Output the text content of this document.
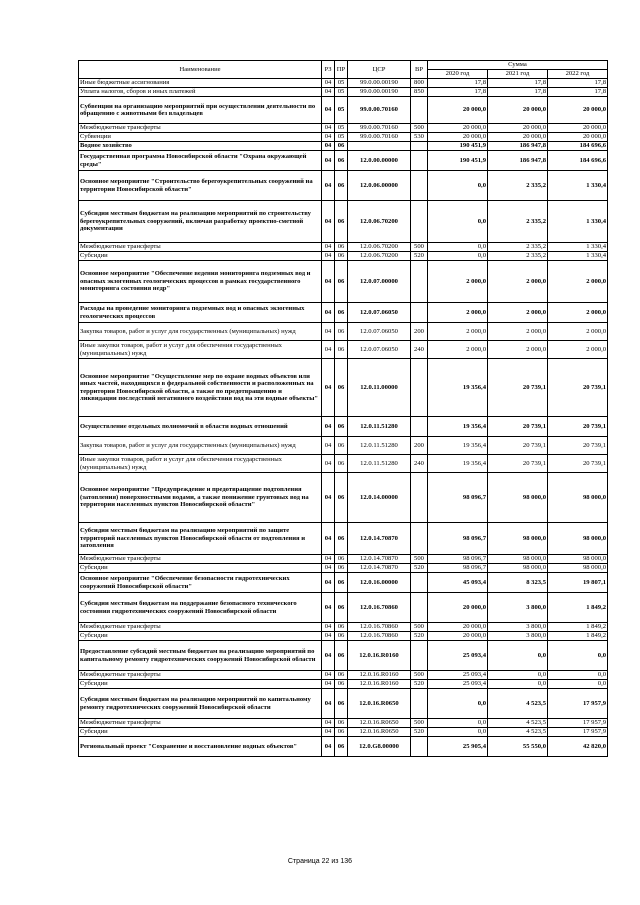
Наименование	РЗ	ПР	ЦСР	ВР	Сумма		
					2020 год	2021 год	2022 год
Иные бюджетные ассигнования	04	05	99.0.00.00190	800	17,8	17,8	17,8
Уплата налогов, сборов и иных платежей	04	05	99.0.00.00190	850	17,8	17,8	17,8
Субвенции на организацию мероприятий при осуществлении деятельности по обращению с животными без владельцев	04	05	99.0.00.70160		20 000,0	20 000,0	20 000,0
Межбюджетные трансферты	04	05	99.0.00.70160	500	20 000,0	20 000,0	20 000,0
Субвенции	04	05	99.0.00.70160	530	20 000,0	20 000,0	20 000,0
Водное хозяйство	04	06			190 451,9	186 947,8	184 696,6
Государственная программа Новосибирской области "Охрана окружающей среды"	04	06	12.0.00.00000		190 451,9	186 947,8	184 696,6
Основное мероприятие "Строительство берегоукрепительных сооружений на территории Новосибирской области"	04	06	12.0.06.00000		0,0	2 335,2	1 330,4
Субсидии местным бюджетам на реализацию мероприятий по строительству берегоукрепительных сооружений, включая разработку проектно-сметной документации	04	06	12.0.06.70200		0,0	2 335,2	1 330,4
Межбюджетные трансферты	04	06	12.0.06.70200	500	0,0	2 335,2	1 330,4
Субсидии	04	06	12.0.06.70200	520	0,0	2 335,2	1 330,4
Основное мероприятие "Обеспечение ведения мониторинга подземных вод и опасных экзогенных геологических процессов в рамках государственного мониторинга состояния недр"	04	06	12.0.07.00000		2 000,0	2 000,0	2 000,0
Расходы на проведение мониторинга подземных вод и опасных экзогенных геологических процессов	04	06	12.0.07.06050		2 000,0	2 000,0	2 000,0
Закупка товаров, работ и услуг для государственных (муниципальных) нужд	04	06	12.0.07.06050	200	2 000,0	2 000,0	2 000,0
Иные закупки товаров, работ и услуг для обеспечения государственных (муниципальных) нужд	04	06	12.0.07.06050	240	2 000,0	2 000,0	2 000,0
Основное мероприятие "Осуществление мер по охране водных объектов или иных частей, находящихся в федеральной собственности и расположенных на территории Новосибирской области, а также по предотвращению и ликвидации последствий негативного воздействия вод на эти водные объекты"	04	06	12.0.11.00000		19 356,4	20 739,1	20 739,1
Осуществление отдельных полномочий в области водных отношений	04	06	12.0.11.51280		19 356,4	20 739,1	20 739,1
Закупка товаров, работ и услуг для государственных (муниципальных) нужд	04	06	12.0.11.51280	200	19 356,4	20 739,1	20 739,1
Иные закупки товаров, работ и услуг для обеспечения государственных (муниципальных) нужд	04	06	12.0.11.51280	240	19 356,4	20 739,1	20 739,1
Основное мероприятие "Предупреждение и предотвращение подтопления (затопления) поверхностными водами, а также понижение грунтовых вод на территории населенных пунктов Новосибирской области"	04	06	12.0.14.00000		98 096,7	98 000,0	98 000,0
Субсидии местным бюджетам на реализацию мероприятий по защите территорий населенных пунктов Новосибирской области от подтопления и затопления	04	06	12.0.14.70870		98 096,7	98 000,0	98 000,0
Межбюджетные трансферты	04	06	12.0.14.70870	500	98 096,7	98 000,0	98 000,0
Субсидии	04	06	12.0.14.70870	520	98 096,7	98 000,0	98 000,0
Основное мероприятие "Обеспечение безопасности гидротехнических сооружений Новосибирской области"	04	06	12.0.16.00000		45 093,4	8 323,5	19 807,1
Субсидии местным бюджетам на поддержание безопасного технического состояния гидротехнических сооружений Новосибирской области	04	06	12.0.16.70860		20 000,0	3 800,0	1 849,2
Межбюджетные трансферты	04	06	12.0.16.70860	500	20 000,0	3 800,0	1 849,2
Субсидии	04	06	12.0.16.70860	520	20 000,0	3 800,0	1 849,2
Предоставление субсидий местным бюджетам на реализацию мероприятий по капитальному ремонту гидротехнических сооружений Новосибирской области	04	06	12.0.16.R0160		25 093,4	0,0	0,0
Межбюджетные трансферты	04	06	12.0.16.R0160	500	25 093,4	0,0	0,0
Субсидии	04	06	12.0.16.R0160	520	25 093,4	0,0	0,0
Субсидии местным бюджетам на реализацию мероприятий по капитальному ремонту гидротехнических сооружений Новосибирской области	04	06	12.0.16.R0650		0,0	4 523,5	17 957,9
Межбюджетные трансферты	04	06	12.0.16.R0650	500	0,0	4 523,5	17 957,9
Субсидии	04	06	12.0.16.R0650	520	0,0	4 523,5	17 957,9
Региональный проект "Сохранение и восстановление водных объектов"	04	06	12.0.G8.00000		25 905,4	55 550,0	42 820,0
Страница 22 из 136
